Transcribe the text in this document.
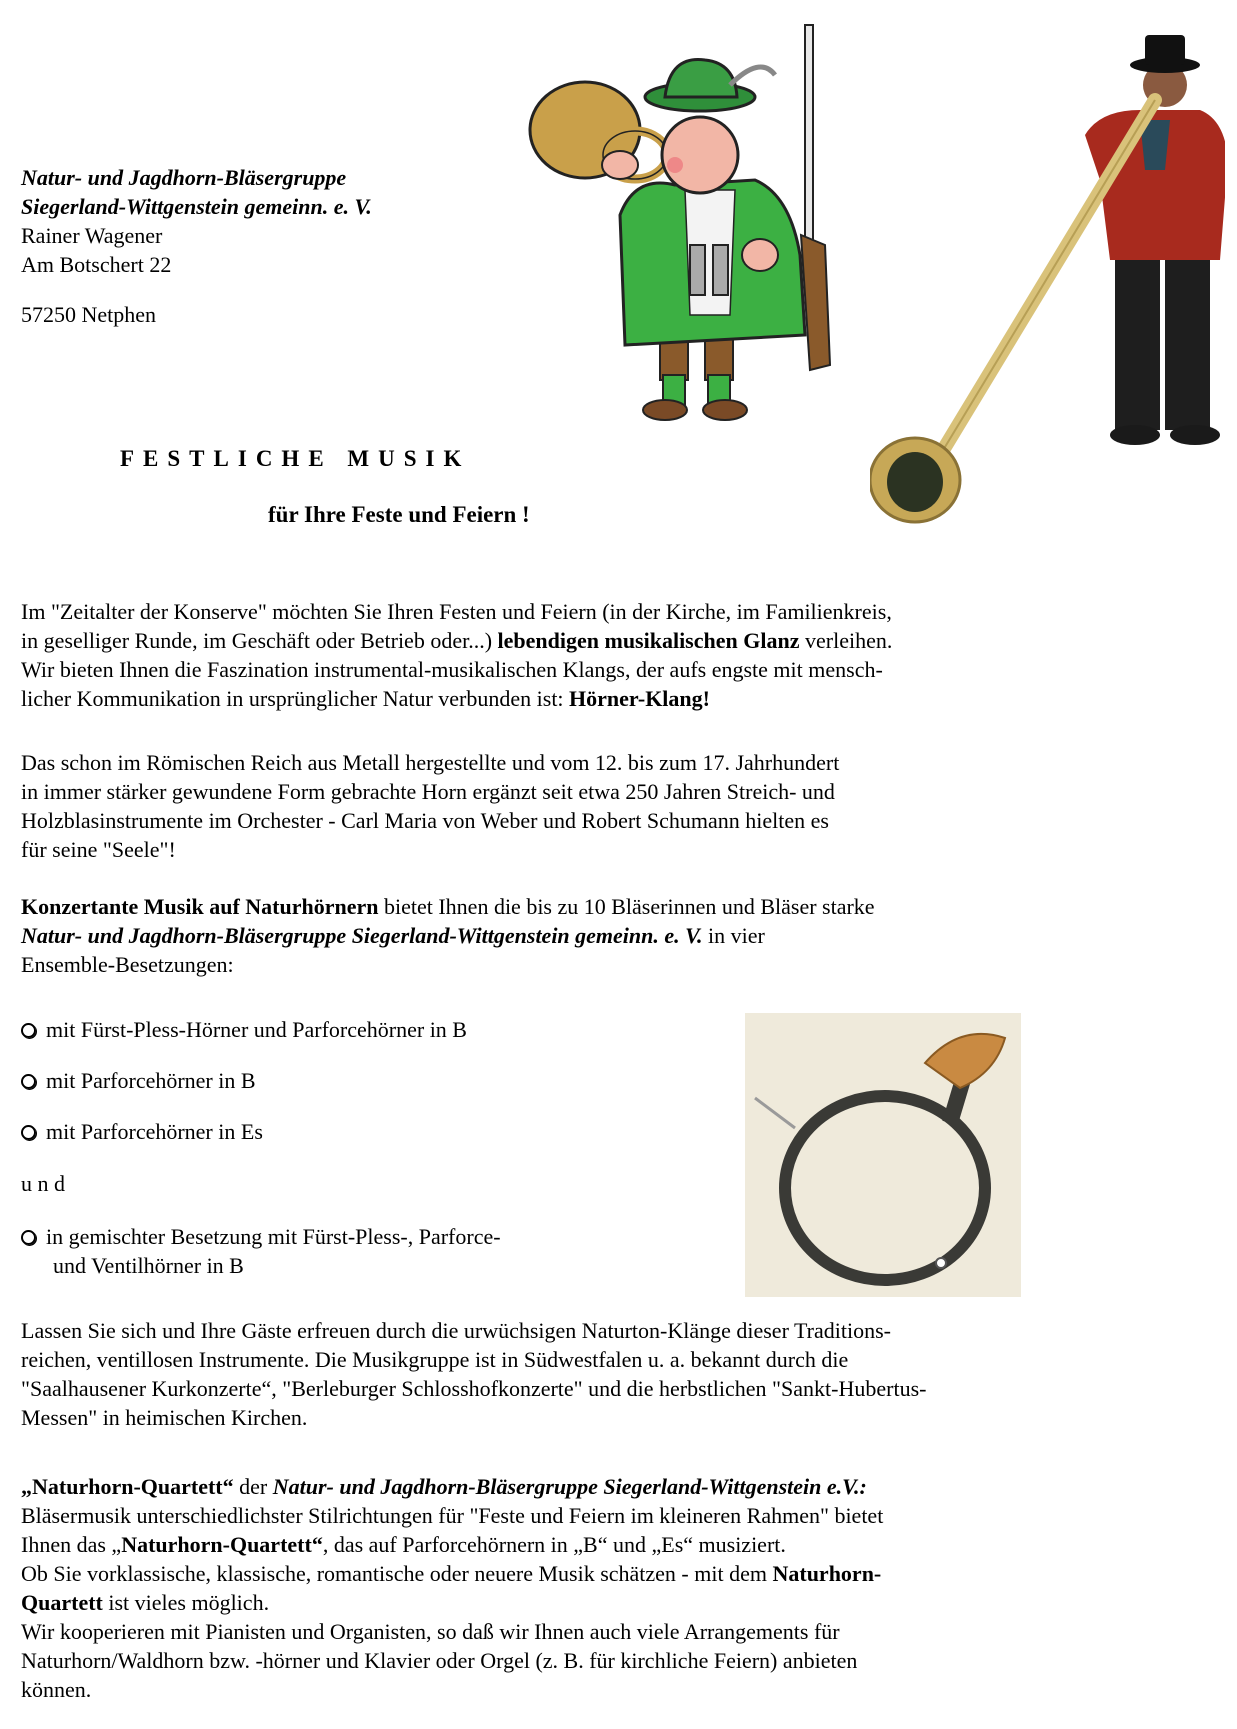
Natur- und Jagdhorn-Bläsergruppe
Siegerland-Wittgenstein gemeinn. e. V.
Rainer Wagener
Am Botschert 22
57250 Netphen
FESTLICHE MUSIK
für Ihre Feste und Feiern !
Im "Zeitalter der Konserve" möchten Sie Ihren Festen und Feiern (in der Kirche, im Familienkreis,
in geselliger Runde, im Geschäft oder Betrieb oder...) lebendigen musikalischen Glanz verleihen.
Wir bieten Ihnen die Faszination instrumental-musikalischen Klangs, der aufs engste mit mensch-
licher Kommunikation in ursprünglicher Natur verbunden ist: Hörner-Klang!
Das schon im Römischen Reich aus Metall hergestellte und vom 12. bis zum 17. Jahrhundert
in immer stärker gewundene Form gebrachte Horn ergänzt seit etwa 250 Jahren Streich- und
Holzblasinstrumente im Orchester - Carl Maria von Weber und Robert Schumann hielten es
für seine "Seele"!
Konzertante Musik auf Naturhörnern bietet Ihnen die bis zu 10 Bläserinnen und Bläser starke
Natur- und Jagdhorn-Bläsergruppe Siegerland-Wittgenstein gemeinn. e. V. in vier
Ensemble-Besetzungen:
mit Fürst-Pless-Hörner und Parforcehörner in B
mit Parforcehörner in B
mit Parforcehörner in Es
u n d
in gemischter Besetzung mit Fürst-Pless-, Parforce-
und Ventilhörner in B
Lassen Sie sich und Ihre Gäste erfreuen durch die urwüchsigen Naturton-Klänge dieser Traditions-
reichen, ventillosen Instrumente. Die Musikgruppe ist in Südwestfalen u. a. bekannt durch die
"Saalhausener Kurkonzerte“, "Berleburger Schlosshofkonzerte" und die herbstlichen "Sankt-Hubertus-
Messen" in heimischen Kirchen.
„Naturhorn-Quartett“ der Natur- und Jagdhorn-Bläsergruppe Siegerland-Wittgenstein e.V.:
Bläsermusik unterschiedlichster Stilrichtungen für "Feste und Feiern im kleineren Rahmen" bietet
Ihnen das „Naturhorn-Quartett“, das auf Parforcehörnern in „B“ und „Es“ musiziert.
Ob Sie vorklassische, klassische, romantische oder neuere Musik schätzen - mit dem Naturhorn-
Quartett ist vieles möglich.
Wir kooperieren mit Pianisten und Organisten, so daß wir Ihnen auch viele Arrangements für
Naturhorn/Waldhorn bzw. -hörner und Klavier oder Orgel (z. B. für kirchliche Feiern) anbieten
können.
